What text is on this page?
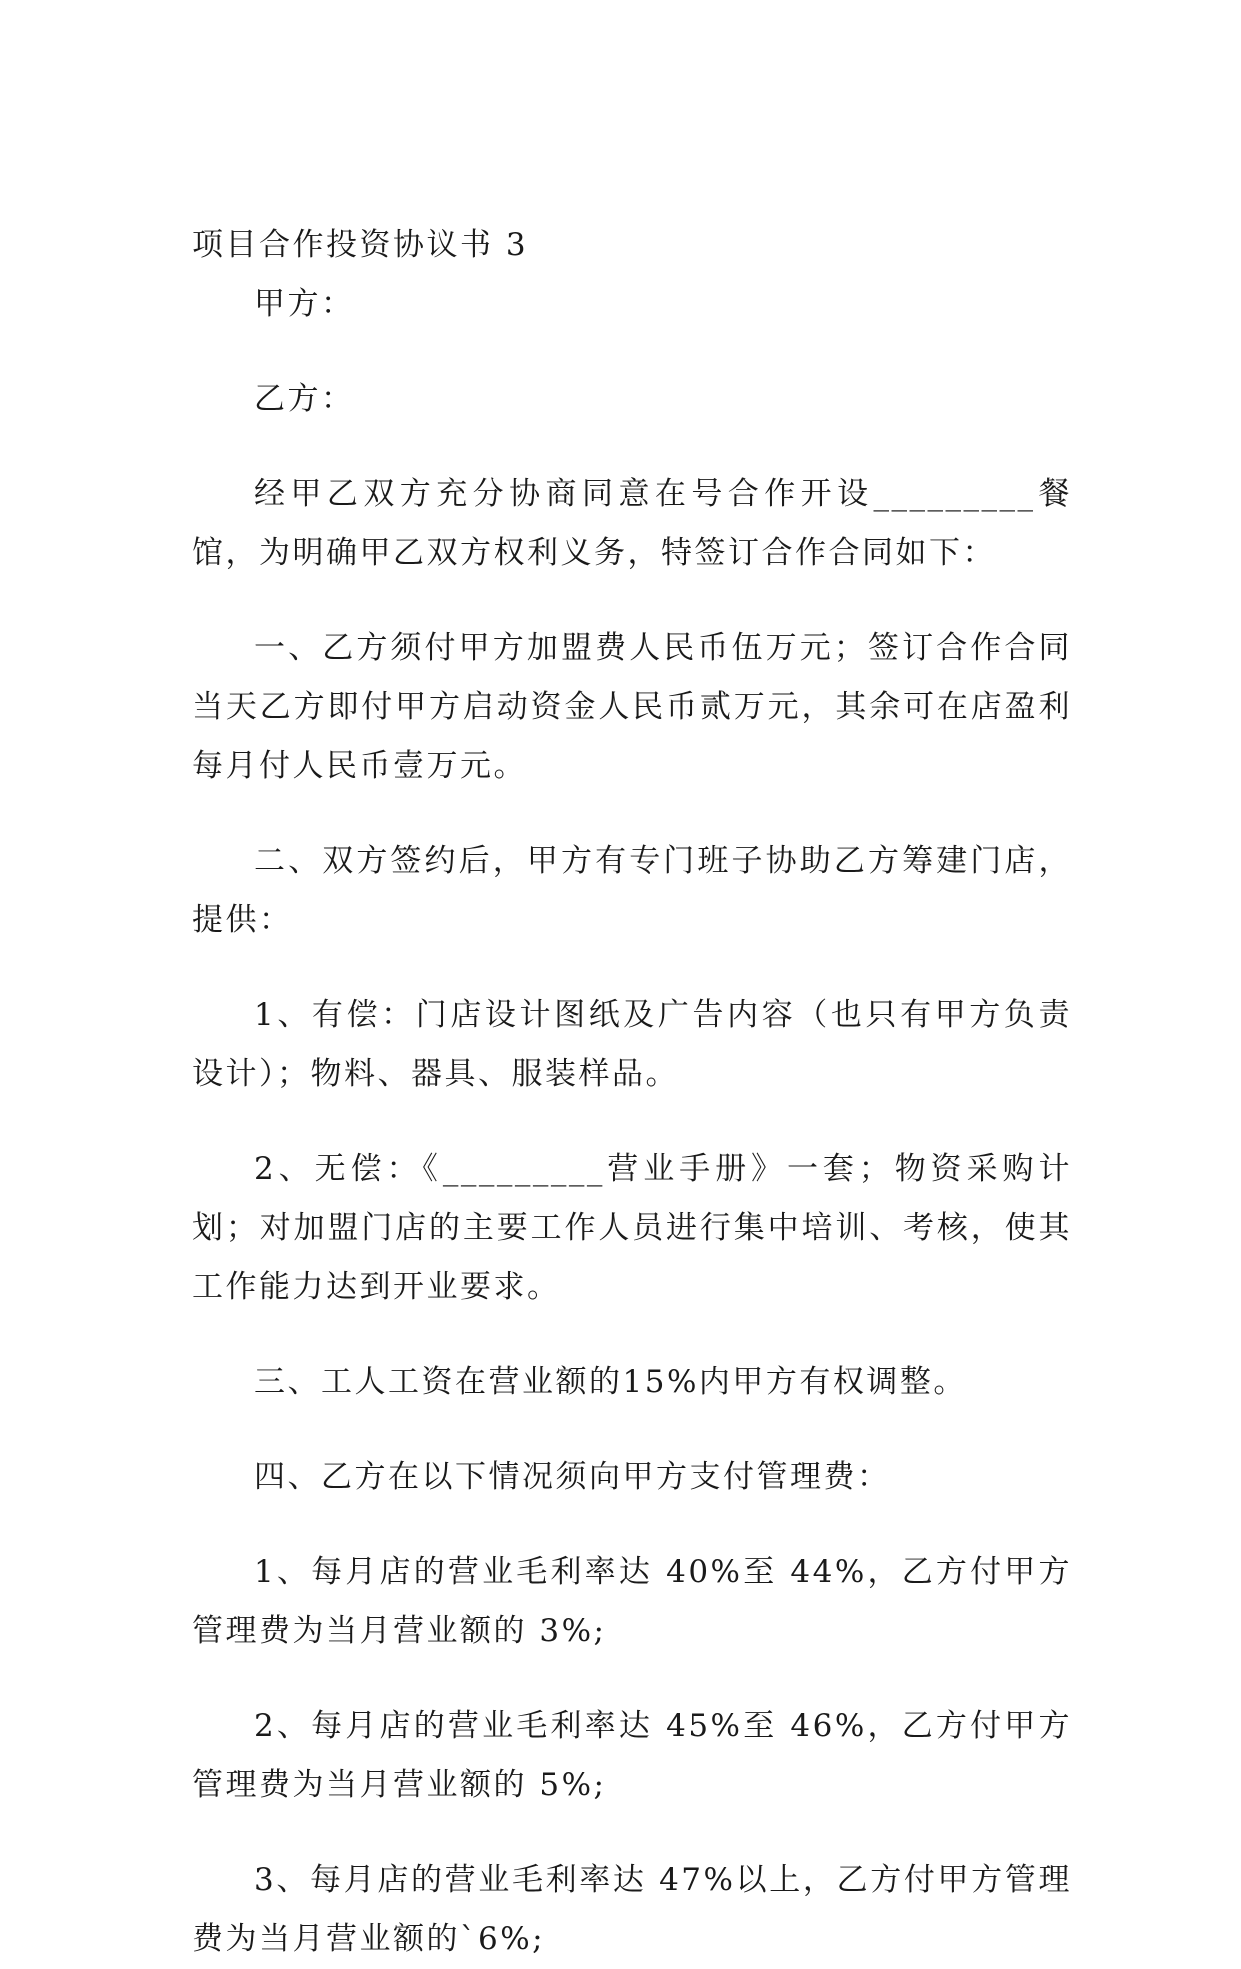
项目合作投资协议书 3

甲方：

乙方：

经甲乙双方充分协商同意在号合作开设_________餐馆，为明确甲乙双方权利义务，特签订合作合同如下：

一、乙方须付甲方加盟费人民币伍万元；签订合作合同当天乙方即付甲方启动资金人民币贰万元，其余可在店盈利每月付人民币壹万元。

二、双方签约后，甲方有专门班子协助乙方筹建门店，提供：

1、有偿：门店设计图纸及广告内容（也只有甲方负责设计）；物料、器具、服装样品。

2、无偿：《_________营业手册》一套；物资采购计划；对加盟门店的主要工作人员进行集中培训、考核，使其工作能力达到开业要求。

三、工人工资在营业额的15%内甲方有权调整。

四、乙方在以下情况须向甲方支付管理费：

1、每月店的营业毛利率达 40%至 44%，乙方付甲方管理费为当月营业额的 3%;

2、每月店的营业毛利率达 45%至 46%，乙方付甲方管理费为当月营业额的 5%;

3、每月店的营业毛利率达 47%以上，乙方付甲方管理费为当月营业额的`6%;
